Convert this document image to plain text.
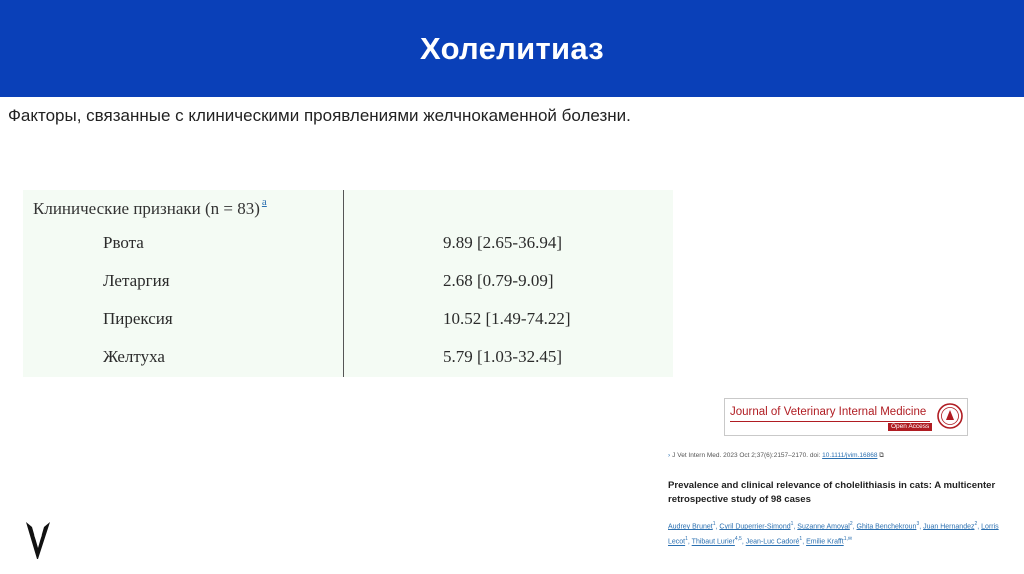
Холелитиаз
Факторы, связанные с клиническими проявлениями желчнокаменной болезни.
Клинические признаки (n = 83) $^a$
Рвота	9.89 [2.65-36.94]
Летаргия	2.68 [0.79-9.09]
Пирексия	10.52 [1.49-74.22]
Желтуха	5.79 [1.03-32.45]
Journal of Veterinary Internal Medicine
Open Access
› J Vet Intern Med. 2023 Oct 2;37(6):2157–2170. doi: 10.1111/jvim.16868 ⧉
Prevalence and clinical relevance of cholelithiasis in cats: A multicenter retrospective study of 98 cases
Audrey Brunet$^1$, Cyril Duperrier-Simond$^1$, Suzanne Amoyal$^2$, Ghita Benchekroun$^3$, Juan Hernandez$^2$, Lorris Lecot$^1$, Thibaut Lurier$^{4,5}$, Jean-Luc Cadoré$^1$, Emilie Krafft$^{1,✉}$
